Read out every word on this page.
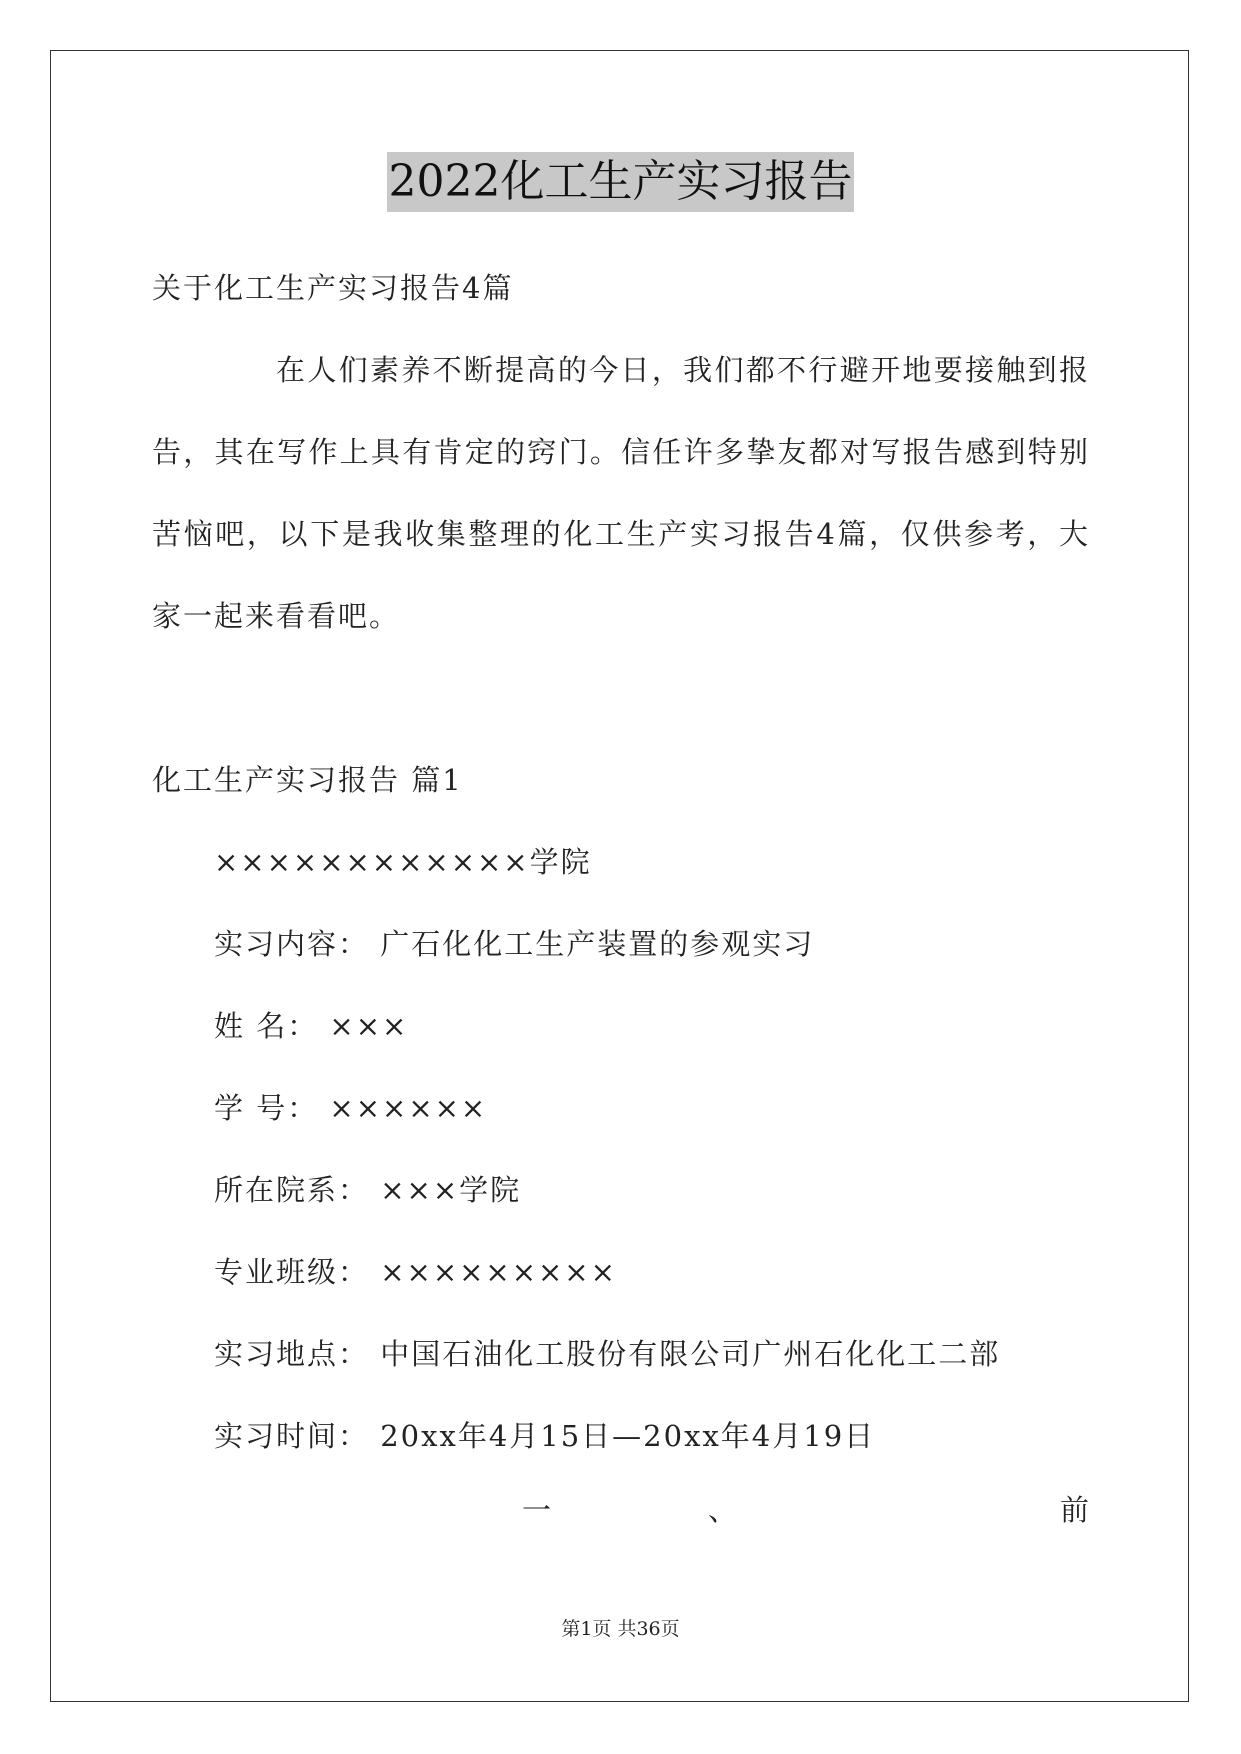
2022化工生产实习报告
关于化工生产实习报告4篇
在人们素养不断提高的今日，我们都不行避开地要接触到报
告，其在写作上具有肯定的窍门。信任许多挚友都对写报告感到特别
苦恼吧，以下是我收集整理的化工生产实习报告4篇，仅供参考，大
家一起来看看吧。
化工生产实习报告 篇1
××××××××××××学院
实习内容： 广石化化工生产装置的参观实习
姓 名： ×××
学 号： ××××××
所在院系： ×××学院
专业班级： ×××××××××
实习地点： 中国石油化工股份有限公司广州石化化工二部
实习时间： 20xx年4月15日—20xx年4月19日
一	、	前
第1页 共36页
